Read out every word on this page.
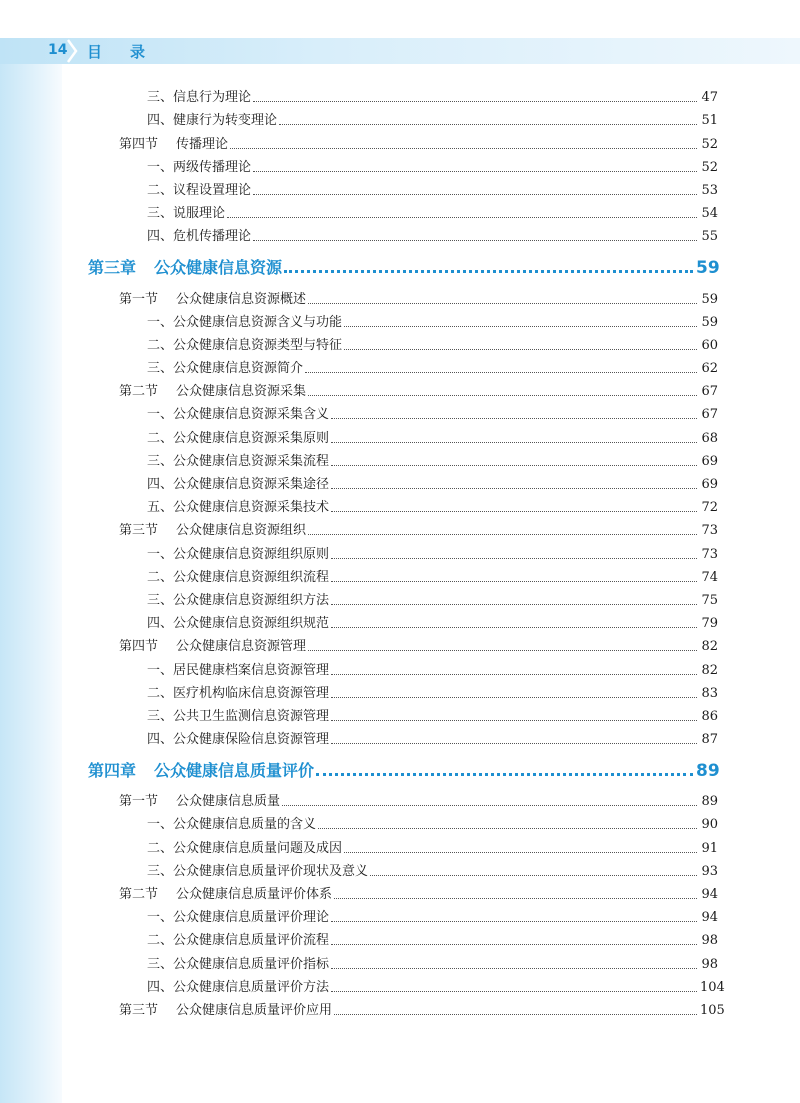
14 目录
三、信息行为理论	47
四、健康行为转变理论	51
第四节 传播理论	52
一、两级传播理论	52
二、议程设置理论	53
三、说服理论	54
四、危机传播理论	55
第三章 公众健康信息资源	59
第一节 公众健康信息资源概述	59
一、公众健康信息资源含义与功能	59
二、公众健康信息资源类型与特征	60
三、公众健康信息资源简介	62
第二节 公众健康信息资源采集	67
一、公众健康信息资源采集含义	67
二、公众健康信息资源采集原则	68
三、公众健康信息资源采集流程	69
四、公众健康信息资源采集途径	69
五、公众健康信息资源采集技术	72
第三节 公众健康信息资源组织	73
一、公众健康信息资源组织原则	73
二、公众健康信息资源组织流程	74
三、公众健康信息资源组织方法	75
四、公众健康信息资源组织规范	79
第四节 公众健康信息资源管理	82
一、居民健康档案信息资源管理	82
二、医疗机构临床信息资源管理	83
三、公共卫生监测信息资源管理	86
四、公众健康保险信息资源管理	87
第四章 公众健康信息质量评价	89
第一节 公众健康信息质量	89
一、公众健康信息质量的含义	90
二、公众健康信息质量问题及成因	91
三、公众健康信息质量评价现状及意义	93
第二节 公众健康信息质量评价体系	94
一、公众健康信息质量评价理论	94
二、公众健康信息质量评价流程	98
三、公众健康信息质量评价指标	98
四、公众健康信息质量评价方法	104
第三节 公众健康信息质量评价应用	105
